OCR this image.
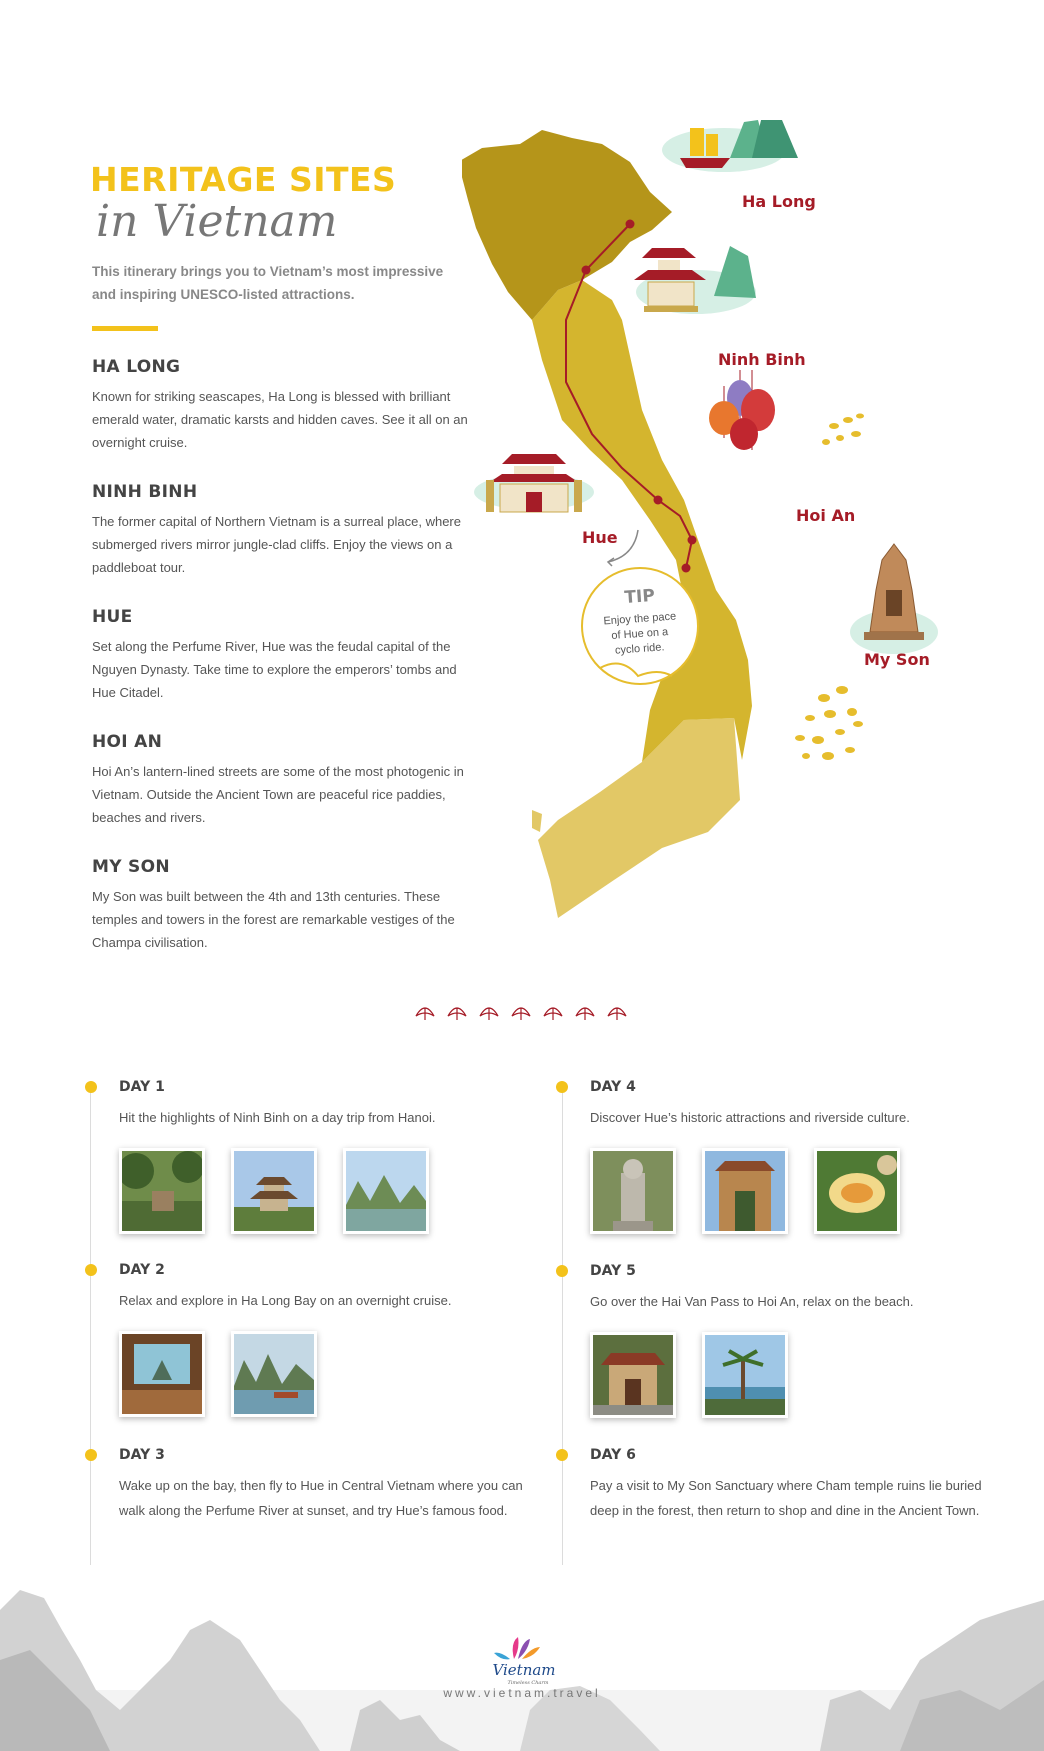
HERITAGE SITES
in Vietnam

This itinerary brings you to Vietnam’s most impressive and inspiring UNESCO-listed attractions.

HA LONG

Known for striking seascapes, Ha Long is blessed with brilliant emerald water, dramatic karsts and hidden caves. See it all on an overnight cruise.

NINH BINH

The former capital of Northern Vietnam is a surreal place, where submerged rivers mirror jungle-clad cliffs. Enjoy the views on a paddleboat tour.

HUE

Set along the Perfume River, Hue was the feudal capital of the Nguyen Dynasty. Take time to explore the emperors’ tombs and Hue Citadel.

HOI AN

Hoi An’s lantern-lined streets are some of the most photogenic in Vietnam. Outside the Ancient Town are peaceful rice paddies, beaches and rivers.

MY SON

My Son was built between the 4th and 13th centuries. These temples and towers in the forest are remarkable vestiges of the Champa civilisation.

TIP
Enjoy the pace
of Hue on a
cyclo ride.
Ha Long
Ninh Binh
Hoi An
Hue
My Son
DAY 1

Hit the highlights of Ninh Binh on a day trip from Hanoi.

DAY 2

Relax and explore in Ha Long Bay on an overnight cruise.

DAY 3

Wake up on the bay, then fly to Hue in Central Vietnam where you can walk along the Perfume River at sunset, and try Hue’s famous food.

DAY 4

Discover Hue’s historic attractions and riverside culture.

DAY 5

Go over the Hai Van Pass to Hoi An, relax on the beach.

DAY 6

Pay a visit to My Son Sanctuary where Cham temple ruins lie buried deep in the forest, then return to shop and dine in the Ancient Town.

Vietnam
Timeless Charm
www.vietnam.travel
